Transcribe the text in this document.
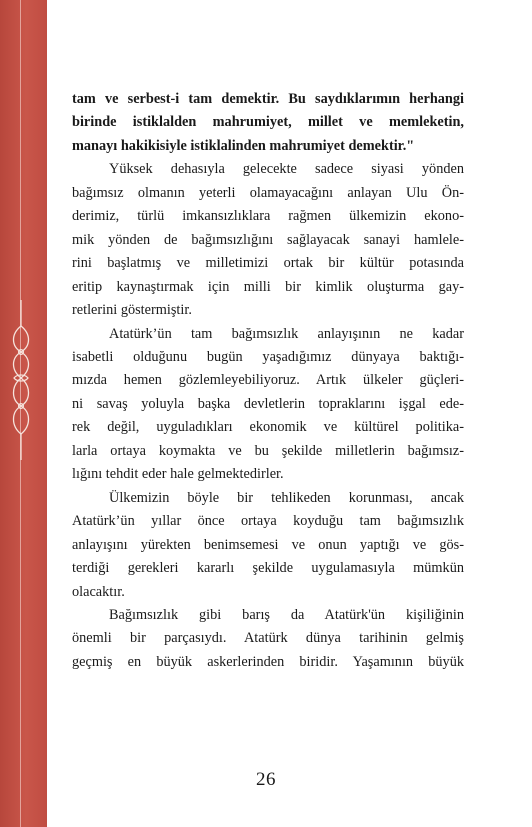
tam ve serbest-i tam demektir. Bu saydıklarımın herhangi
birinde istiklalden mahrumiyet, millet ve memleketin,
manayı hakikisiyle istiklalinden mahrumiyet demektir."

Yüksek dehasıyla gelecekte sadece siyasi yönden
bağımsız olmanın yeterli olamayacağını anlayan Ulu Ön-
derimiz, türlü imkansızlıklara rağmen ülkemizin ekono-
mik yönden de bağımsızlığını sağlayacak sanayi hamlele-
rini başlatmış ve milletimizi ortak bir kültür potasında
eritip kaynaştırmak için milli bir kimlik oluşturma gay-
retlerini göstermiştir.

Atatürk’ün tam bağımsızlık anlayışının ne kadar
isabetli olduğunu bugün yaşadığımız dünyaya baktığı-
mızda hemen gözlemleyebiliyoruz. Artık ülkeler güçleri-
ni savaş yoluyla başka devletlerin topraklarını işgal ede-
rek değil, uyguladıkları ekonomik ve kültürel politika-
larla ortaya koymakta ve bu şekilde milletlerin bağımsız-
lığını tehdit eder hale gelmektedirler.

Ülkemizin böyle bir tehlikeden korunması, ancak
Atatürk’ün yıllar önce ortaya koyduğu tam bağımsızlık
anlayışını yürekten benimsemesi ve onun yaptığı ve gös-
terdiği gerekleri kararlı şekilde uygulamasıyla mümkün
olacaktır.

Bağımsızlık gibi barış da Atatürk'ün kişiliğinin
önemli bir parçasıydı. Atatürk dünya tarihinin gelmiş
geçmiş en büyük askerlerinden biridir. Yaşamının büyük

26
